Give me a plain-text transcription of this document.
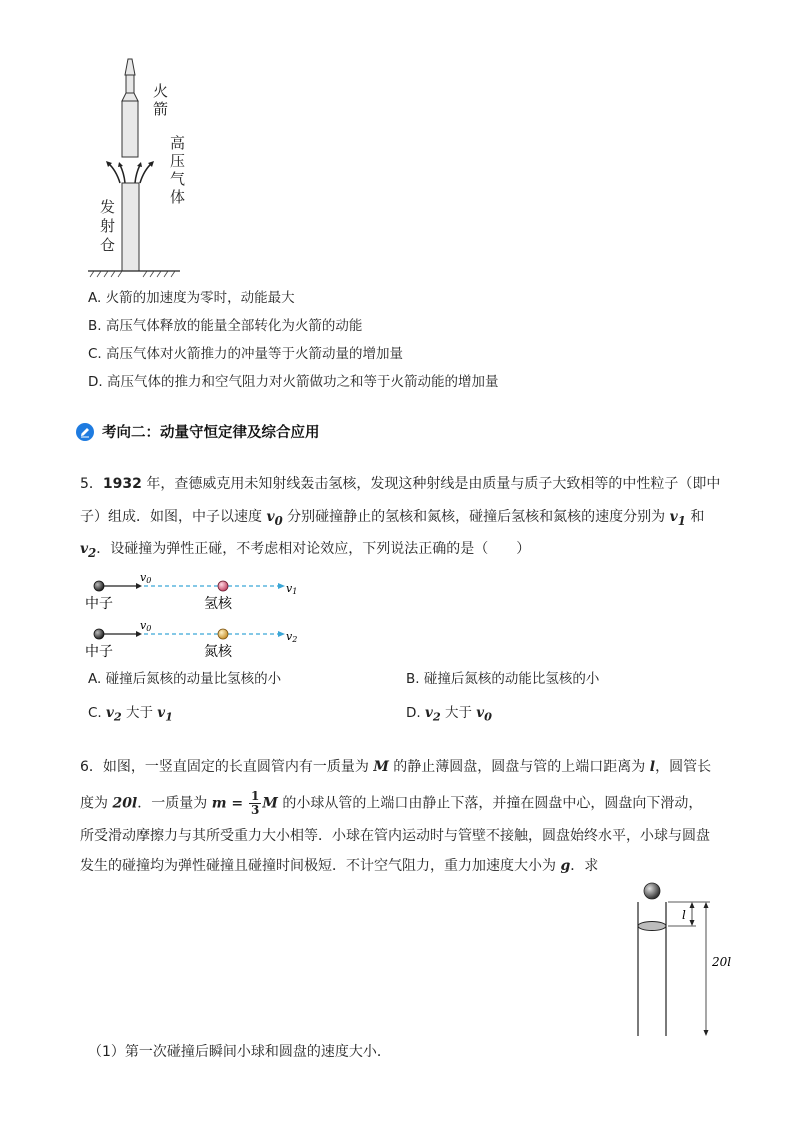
火
箭
高
压
气
体
发
射
仓
A. 火箭的加速度为零时，动能最大
B. 高压气体释放的能量全部转化为火箭的动能
C. 高压气体对火箭推力的冲量等于火箭动量的增加量
D. 高压气体的推力和空气阻力对火箭做功之和等于火箭动能的增加量
考向二：动量守恒定律及综合应用
5．1932 年，查德威克用未知射线轰击氢核，发现这种射线是由质量与质子大致相等的中性粒子（即中
子）组成．如图，中子以速度 $v_0$ 分别碰撞静止的氢核和氮核，碰撞后氢核和氮核的速度分别为 $v_1$ 和
$v_2$．设碰撞为弹性正碰，不考虑相对论效应，下列说法正确的是（　　）
v0
v1
v0
v2
中子	氢核
中子	氮核
A. 碰撞后氮核的动量比氢核的小	B. 碰撞后氮核的动能比氢核的小
C. $v_2$ 大于 $v_1$	D. $v_2$ 大于 $v_0$
6．如图，一竖直固定的长直圆管内有一质量为 M 的静止薄圆盘，圆盘与管的上端口距离为 l，圆管长
度为 20l．一质量为 $m = \frac{1}{3}$ M 的小球从管的上端口由静止下落，并撞在圆盘中心，圆盘向下滑动，
所受滑动摩擦力与其所受重力大小相等．小球在管内运动时与管壁不接触，圆盘始终水平，小球与圆盘
发生的碰撞均为弹性碰撞且碰撞时间极短．不计空气阻力，重力加速度大小为 g．求
l
20l
（1）第一次碰撞后瞬间小球和圆盘的速度大小．
